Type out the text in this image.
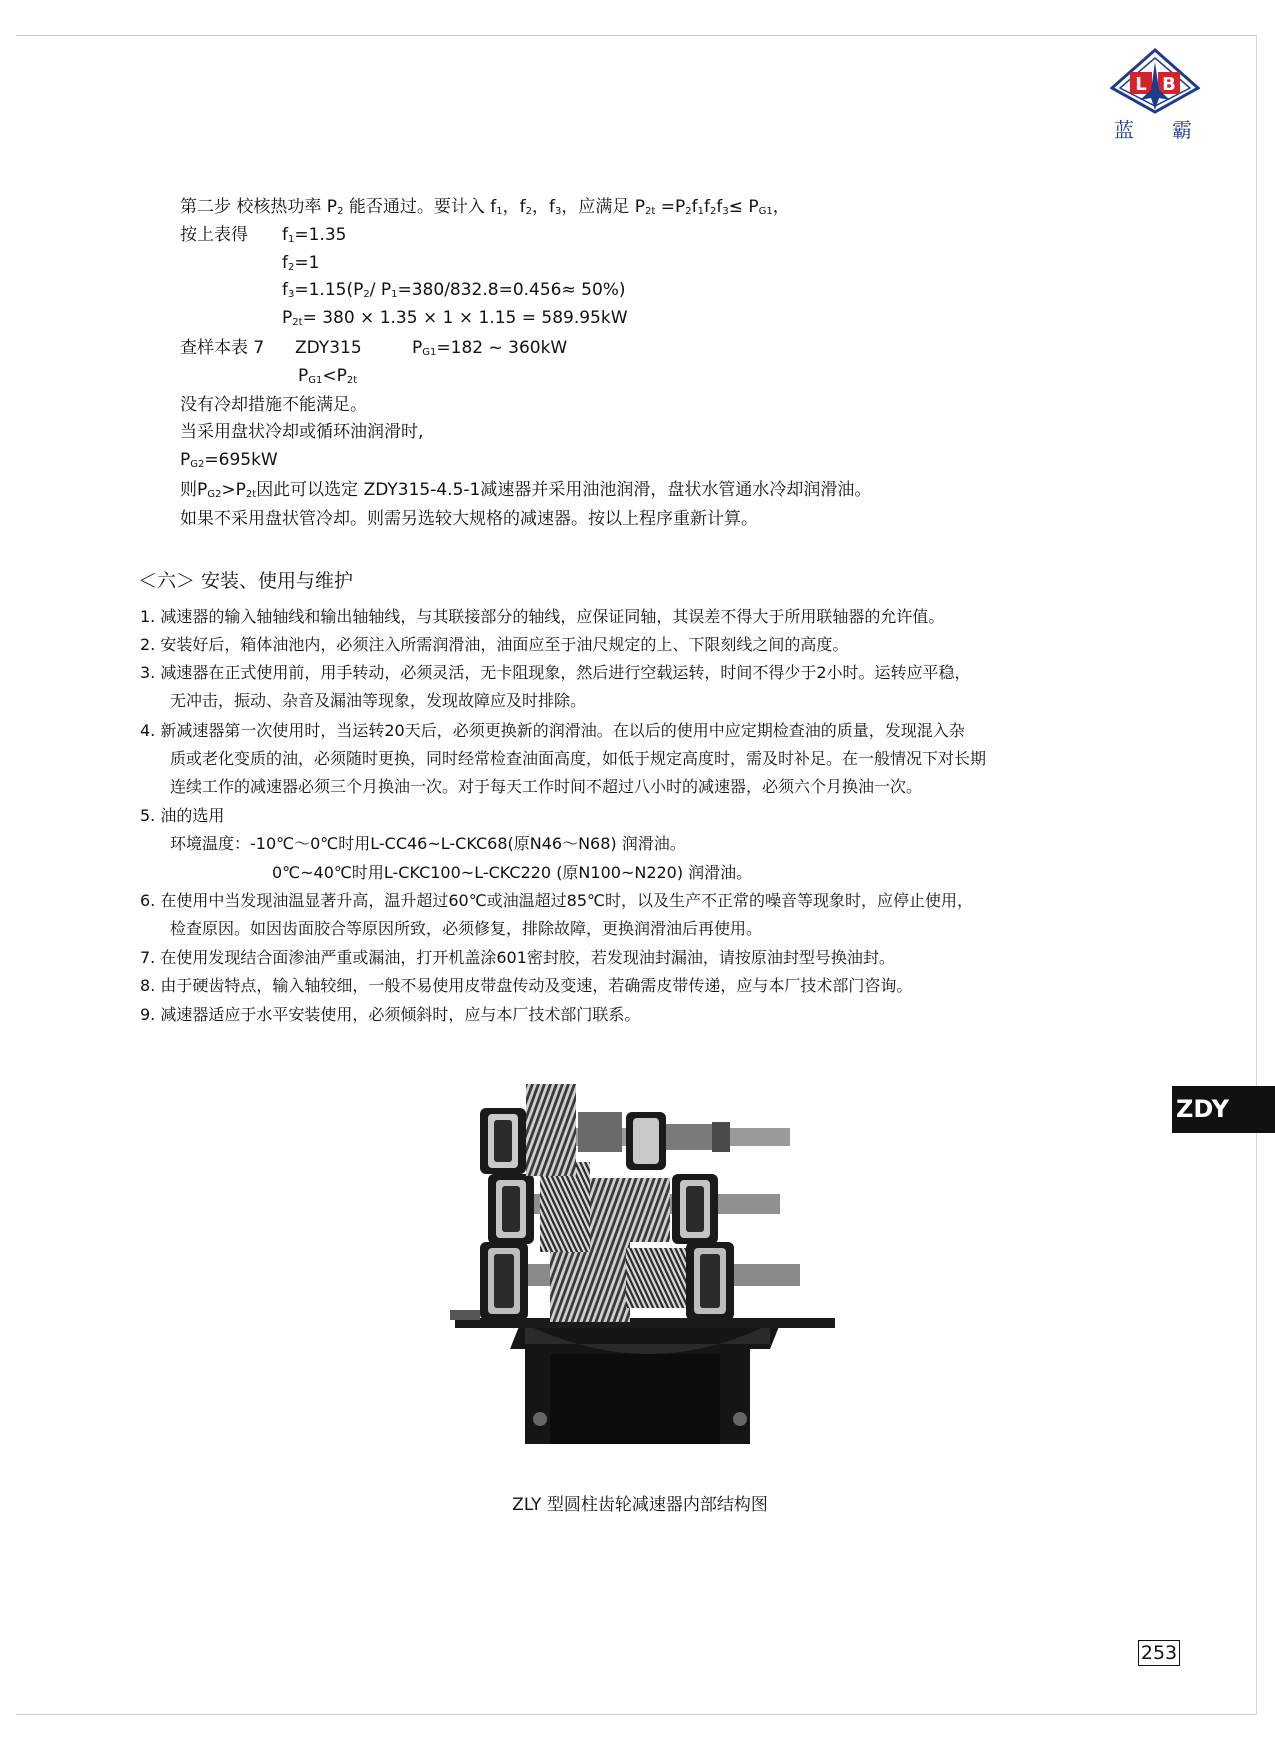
L B
蓝 霸
第二步 校核热功率 $P_2$ 能否通过。要计入 $f_1$，$f_2$，$f_3$，应满足 $P_{2t} =P_2f_1f_2f_3\le P_{G1}$，
按上表得 $f_1=1.35$
$f_2=1$
$f_3=1.15(P_2/$ $P_1=380/832.8=0.456\approx 50\%$)
$P_{2t}= 380 \times 1.35 \times 1 \times 1.15 = 589.95kW$
查样本表 7 ZDY315	$P_{G1}=182$ ~ 360kW
$P_{G1}<P_{2t}$
没有冷却措施不能满足。
当采用盘状冷却或循环油润滑时,
$P_{G2}=695kW$
则$P_{G2}>P_{2t}$因此可以选定 ZDY315-4.5-1减速器并采用油池润滑，盘状水管通水冷却润滑油。
如果不采用盘状管冷却。则需另选较大规格的减速器。按以上程序重新计算。
＜六＞ 安装、使用与维护
1. 减速器的输入轴轴线和输出轴轴线，与其联接部分的轴线，应保证同轴，其误差不得大于所用联轴器的允许值。
2. 安装好后，箱体油池内，必须注入所需润滑油，油面应至于油尺规定的上、下限刻线之间的高度。
3. 减速器在正式使用前，用手转动，必须灵活，无卡阻现象，然后进行空载运转，时间不得少于2小时。运转应平稳，
无冲击，振动、杂音及漏油等现象，发现故障应及时排除。
4. 新减速器第一次使用时，当运转20天后，必须更换新的润滑油。在以后的使用中应定期检查油的质量，发现混入杂
质或老化变质的油，必须随时更换，同时经常检查油面高度，如低于规定高度时，需及时补足。在一般情况下对长期
连续工作的减速器必须三个月换油一次。对于每天工作时间不超过八小时的减速器，必须六个月换油一次。
5. 油的选用
环境温度：-10℃～0℃时用L-CC46~L-CKC68(原N46～N68) 润滑油。
0℃~40℃时用L-CKC100~L-CKC220 (原N100~N220) 润滑油。
6. 在使用中当发现油温显著升高，温升超过60℃或油温超过85℃时，以及生产不正常的噪音等现象时，应停止使用，
检查原因。如因齿面胶合等原因所致，必须修复，排除故障，更换润滑油后再使用。
7. 在使用发现结合面渗油严重或漏油，打开机盖涂601密封胶，若发现油封漏油，请按原油封型号换油封。
8. 由于硬齿特点，输入轴较细，一般不易使用皮带盘传动及变速，若确需皮带传递，应与本厂技术部门咨询。
9. 减速器适应于水平安装使用，必须倾斜时，应与本厂技术部门联系。
ZDY
ZLY 型圆柱齿轮减速器内部结构图
253
